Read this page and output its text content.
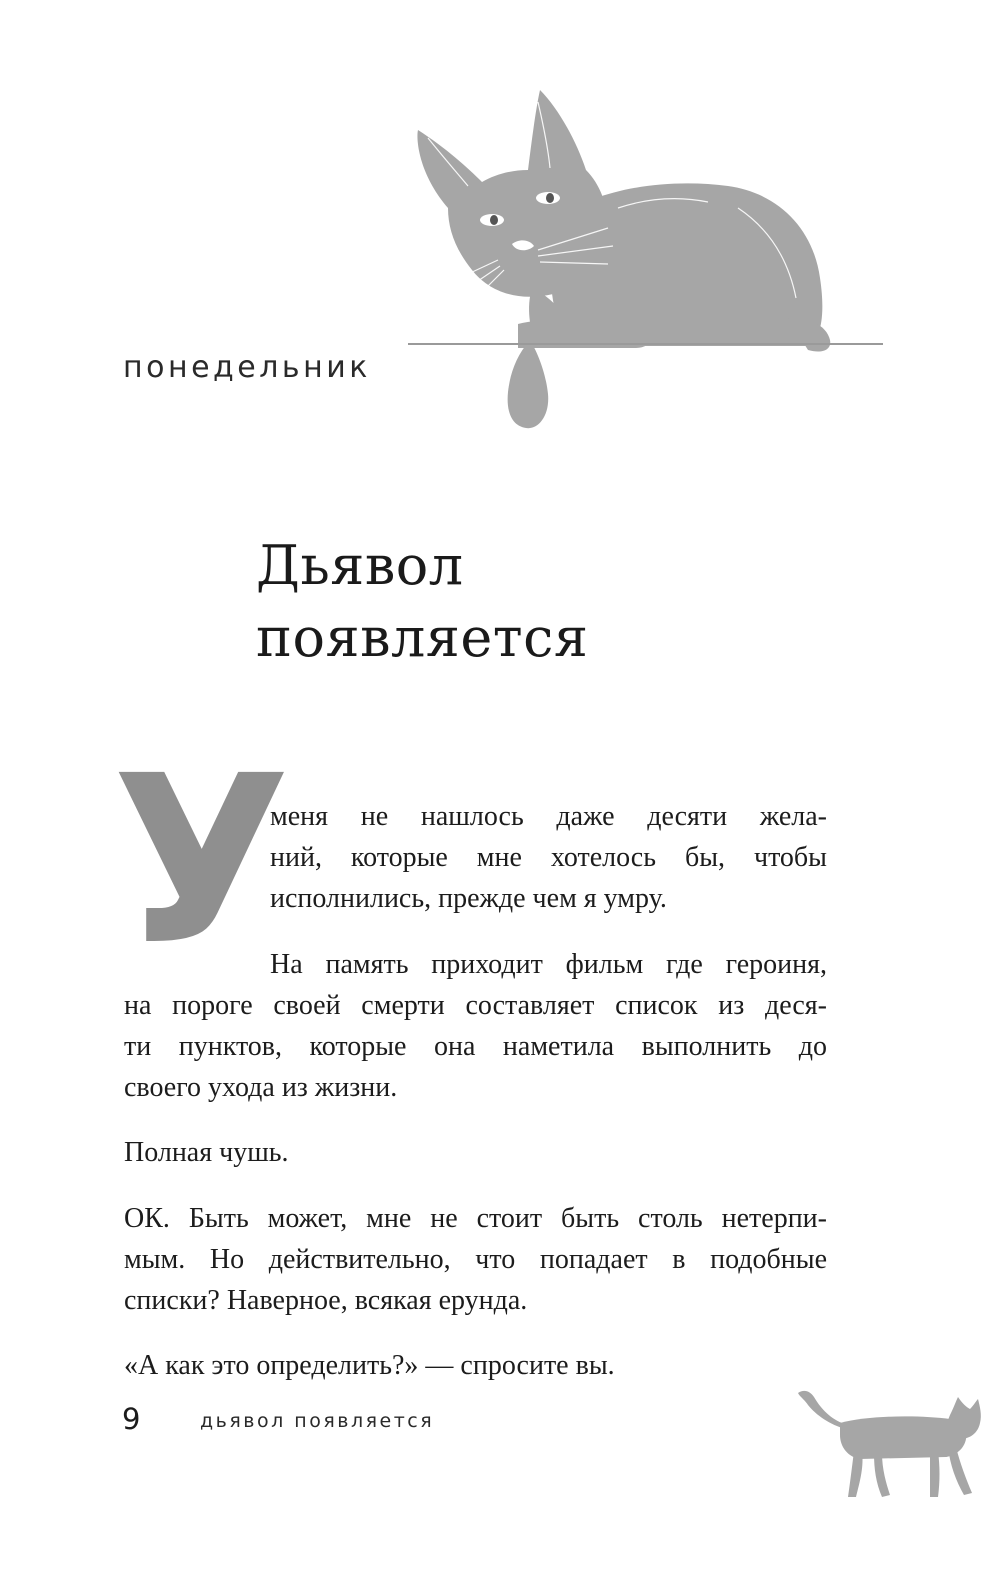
понедельник
Дьявол
появляется
У
меня не нашлось даже десяти жела-
ний, которые мне хотелось бы, чтобы
исполнились, прежде чем я умру.
На память приходит фильм где героиня,
на пороге своей смерти составляет список из деся-
ти пунктов, которые она наметила выполнить до
своего ухода из жизни.
Полная чушь.
ОК. Быть может, мне не стоит быть столь нетерпи-
мым. Но действительно, что попадает в подобные
списки? Наверное, всякая ерунда.
«А как это определить?» — спросите вы.
9	дьявол появляется
